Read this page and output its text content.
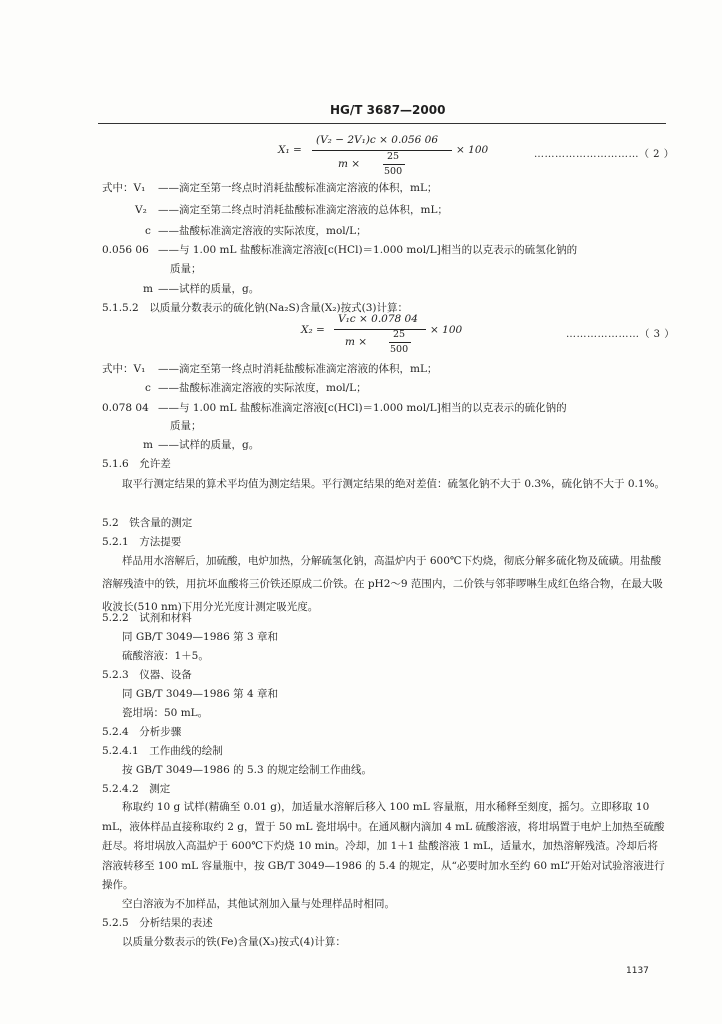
HG/T 3687—2000
X₁ =
(V₂ − 2V₁)c × 0.056 06
m ×
25
500
× 100	…………………………（ 2 ）
式中：V₁ ——滴定至第一终点时消耗盐酸标准滴定溶液的体积，mL；
V₂ ——滴定至第二终点时消耗盐酸标准滴定溶液的总体积，mL；
c ——盐酸标准滴定溶液的实际浓度，mol/L；
0.056 06 ——与 1.00 mL 盐酸标准滴定溶液[c(HCl)＝1.000 mol/L]相当的以克表示的硫氢化钠的
质量；
m ——试样的质量，g。
5.1.5.2　以质量分数表示的硫化钠(Na₂S)含量(X₂)按式(3)计算：
X₂ =
V₁c × 0.078 04
m ×
25
500
× 100	…………………（ 3 ）
式中：V₁ ——滴定至第一终点时消耗盐酸标准滴定溶液的体积，mL；
c ——盐酸标准滴定溶液的实际浓度，mol/L；
0.078 04 ——与 1.00 mL 盐酸标准滴定溶液[c(HCl)＝1.000 mol/L]相当的以克表示的硫化钠的
质量；
m ——试样的质量，g。
5.1.6　允许差
取平行测定结果的算术平均值为测定结果。平行测定结果的绝对差值：硫氢化钠不大于 0.3%，硫化钠不大于 0.1%。
5.2　铁含量的测定
5.2.1　方法提要
样品用水溶解后，加硫酸，电炉加热，分解硫氢化钠，高温炉内于 600℃下灼烧，彻底分解多硫化物及硫磺。用盐酸溶解残渣中的铁，用抗坏血酸将三价铁还原成二价铁。在 pH2～9 范围内，二价铁与邻菲啰啉生成红色络合物，在最大吸收波长(510 nm)下用分光光度计测定吸光度。
5.2.2　试剂和材料
同 GB/T 3049—1986 第 3 章和
硫酸溶液：1＋5。
5.2.3　仪器、设备
同 GB/T 3049—1986 第 4 章和
瓷坩埚：50 mL。
5.2.4　分析步骤
5.2.4.1　工作曲线的绘制
按 GB/T 3049—1986 的 5.3 的规定绘制工作曲线。
5.2.4.2　测定
称取约 10 g 试样(精确至 0.01 g)，加适量水溶解后移入 100 mL 容量瓶，用水稀释至刻度，摇匀。立即移取 10 mL，液体样品直接称取约 2 g，置于 50 mL 瓷坩埚中。在通风橱内滴加 4 mL 硫酸溶液，将坩埚置于电炉上加热至硫酸赶尽。将坩埚放入高温炉于 600℃下灼烧 10 min。冷却，加 1＋1 盐酸溶液 1 mL，适量水，加热溶解残渣。冷却后将溶液转移至 100 mL 容量瓶中，按 GB/T 3049—1986 的 5.4 的规定，从“必要时加水至约 60 mL”开始对试验溶液进行操作。
空白溶液为不加样品，其他试剂加入量与处理样品时相同。
5.2.5　分析结果的表述
以质量分数表示的铁(Fe)含量(X₃)按式(4)计算：
1137
